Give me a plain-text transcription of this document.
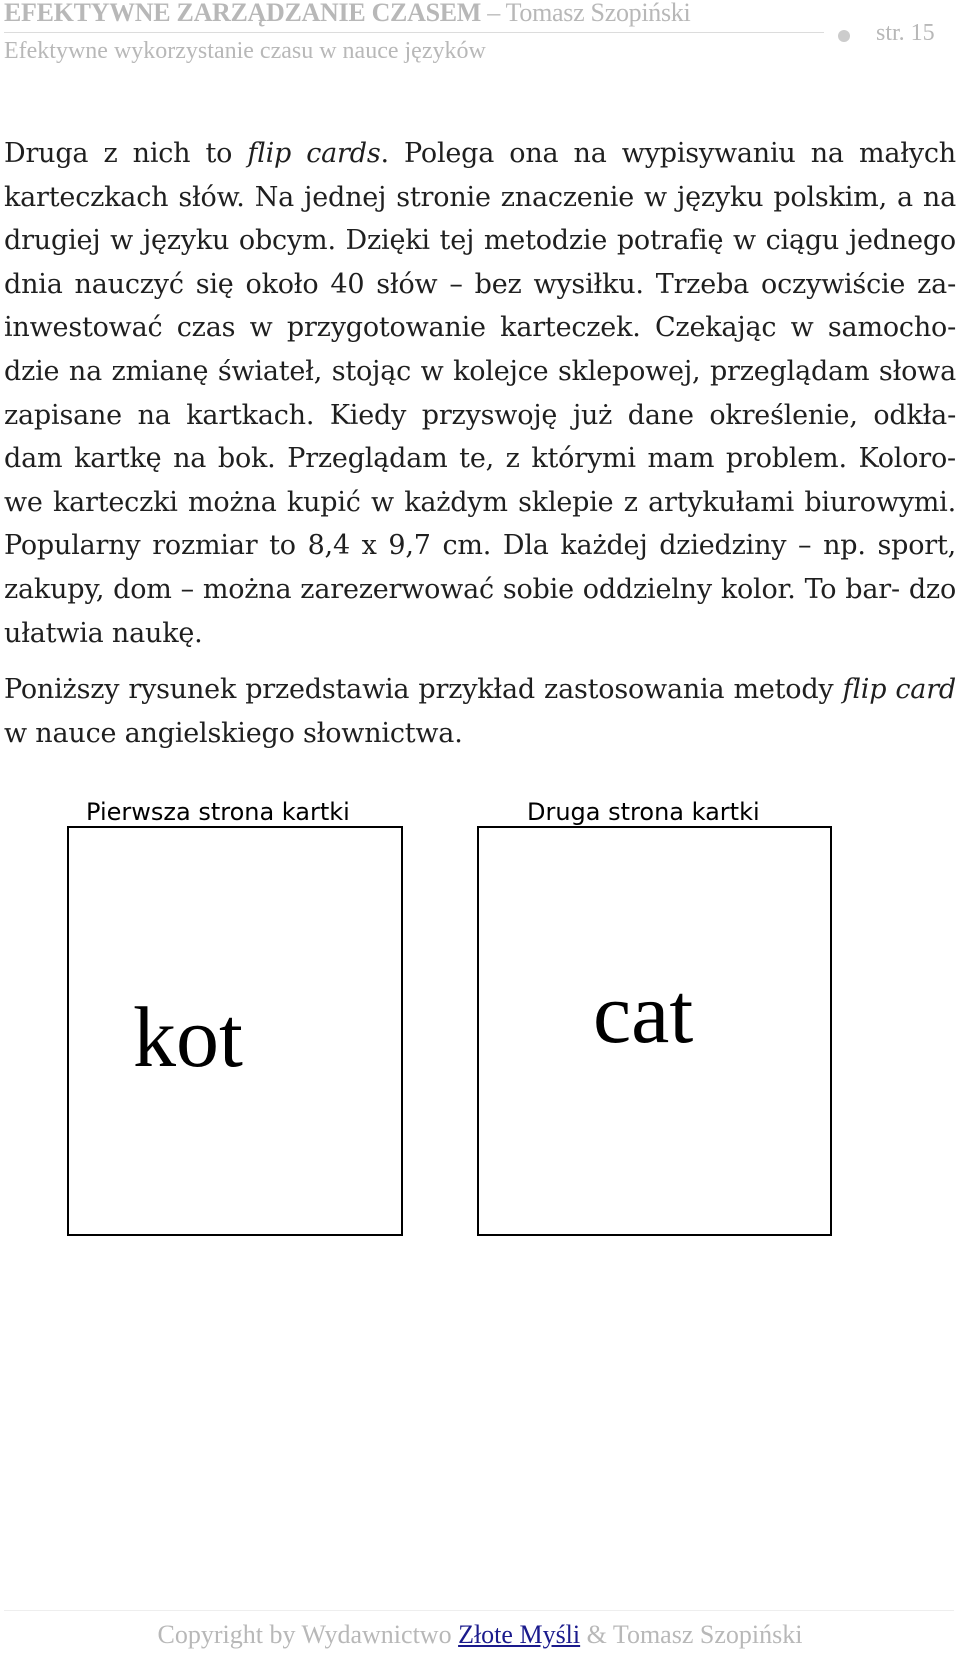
EFEKTYWNE ZARZĄDZANIE CZASEM – Tomasz Szopiński
Efektywne wykorzystanie czasu w nauce języków
str. 15

Druga z nich to flip cards. Polega ona na wypisywaniu na małych karteczkach słów. Na jednej stronie znaczenie w języku polskim, a na drugiej w języku obcym. Dzięki tej metodzie potrafię w ciągu jednego dnia nauczyć się około 40 słów – bez wysiłku. Trzeba oczywiście za- inwestować czas w przygotowanie karteczek. Czekając w samocho- dzie na zmianę świateł, stojąc w kolejce sklepowej, przeglądam słowa zapisane na kartkach. Kiedy przyswoję już dane określenie, odkła- dam kartkę na bok. Przeglądam te, z którymi mam problem. Koloro- we karteczki można kupić w każdym sklepie z artykułami biurowymi. Popularny rozmiar to 8,4 x 9,7 cm. Dla każdej dziedziny – np. sport, zakupy, dom – można zarezerwować sobie oddzielny kolor. To bar- dzo ułatwia naukę.

Poniższy rysunek przedstawia przykład zastosowania metody flip card w nauce angielskiego słownictwa.

Pierwsza strona kartki
kot
Druga strona kartki
cat
Copyright by Wydawnictwo Złote Myśli & Tomasz Szopiński
